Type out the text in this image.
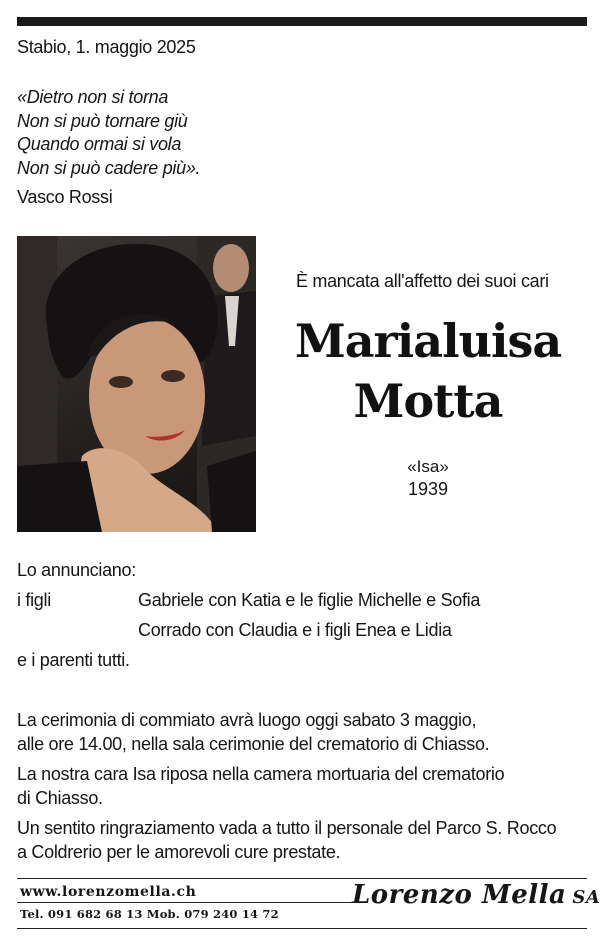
Stabio, 1. maggio 2025
«Dietro non si torna
Non si può tornare giù
Quando ormai si vola
Non si può cadere più».
Vasco Rossi
È mancata all'affetto dei suoi cari
Marialuisa
Motta
«Isa»
1939
Lo annunciano:
i figli	Gabriele con Katia e le figlie Michelle e Sofia
Corrado con Claudia e i figli Enea e Lidia
e i parenti tutti.
La cerimonia di commiato avrà luogo oggi sabato 3 maggio,
alle ore 14.00, nella sala cerimonie del crematorio di Chiasso.
La nostra cara Isa riposa nella camera mortuaria del crematorio
di Chiasso.
Un sentito ringraziamento vada a tutto il personale del Parco S. Rocco
a Coldrerio per le amorevoli cure prestate.
www.lorenzomella.ch
Tel. 091 682 68 13 Mob. 079 240 14 72
Lorenzo Mella SA
